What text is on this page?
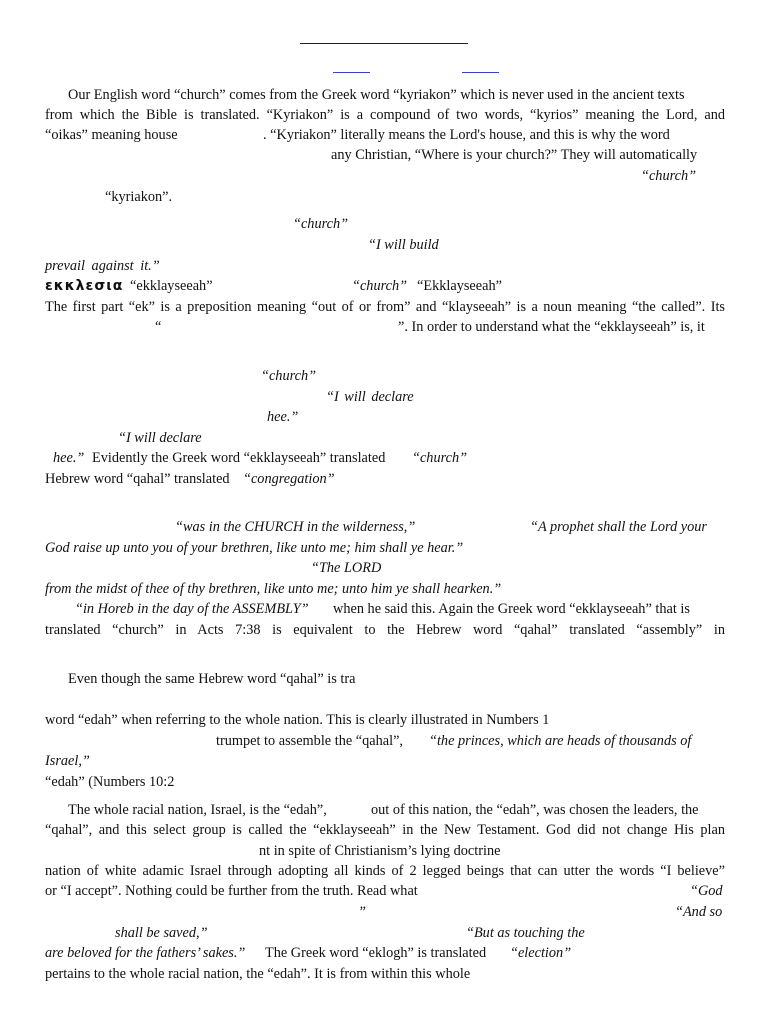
Our English word “church” comes from the Greek word “kyriakon” which is never used in the ancient texts
from which the Bible is translated. “Kyriakon” is a compound of two words, “kyrios” meaning the Lord, and

“oikas” meaning house

	. “Kyriakon” literally means the Lord's house, and this is why the word

any Christian, “Where is your church?” They will automatically
“church”
“kyriakon”.
“church”
“I will build
prevail against it.”

εκκλεσια

“ekklayseeah”

	“church”

“Ekklayseeah”

The first part “ek” is a preposition meaning “out of or from” and “klayseeah” is a noun meaning “the called”. Its

“

	”. In order to understand what the “ekklayseeah” is, it

“church”
“I will declare
hee.”
“I will declare

hee.”

Evidently the Greek word “ekklayseeah” translated

“church”

Hebrew word “qahal” translated

“congregation”

“was in the CHURCH in the wilderness,”

	“A prophet shall the Lord your

God raise up unto you of your brethren, like unto me; him shall ye hear.”
“The LORD
from the midst of thee of thy brethren, like unto me; unto him ye shall hearken.”

“in Horeb in the day of the ASSEMBLY”

when he said this. Again the Greek word “ekklayseeah” that is

translated “church” in Acts 7:38 is equivalent to the Hebrew word “qahal” translated “assembly” in
Even though the same Hebrew word “qahal” is tra
word “edah” when referring to the whole nation. This is clearly illustrated in Numbers 1

trumpet to assemble the “qahal”,

“the princes, which are heads of thousands of

Israel,”
“edah” (Numbers 10:2

The whole racial nation, Israel, is the “edah”,

	out of this nation, the “edah”, was chosen the leaders, the

“qahal”, and this select group is called the “ekklayseeah” in the New Testament. God did not change His plan
nt in spite of Christianism’s lying doctrine
nation of white adamic Israel through adopting all kinds of 2 legged beings that can utter the words “I believe”

or “I accept”. Nothing could be further from the truth. Read what

	“God

”

	“And so

shall be saved,”

	“But as touching the

are beloved for the fathers’ sakes.”

The Greek word “eklogh” is translated

“election”

pertains to the whole racial nation, the “edah”. It is from within this whole
